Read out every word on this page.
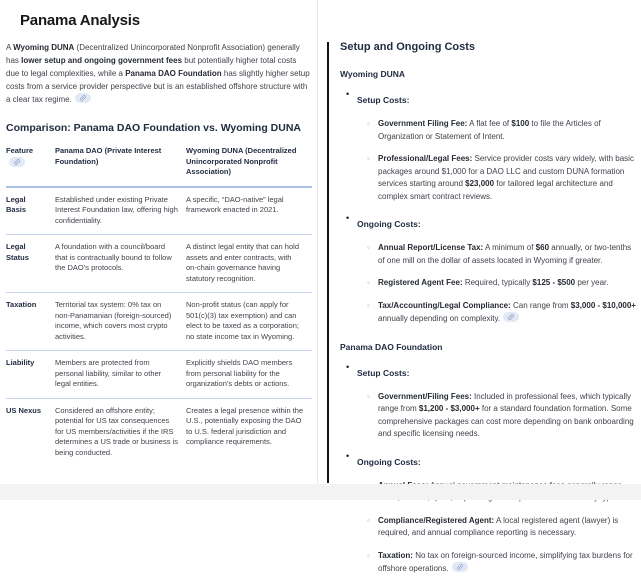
Panama Analysis

A Wyoming DUNA (Decentralized Unincorporated Nonprofit Association) generally has lower setup and ongoing government fees but potentially higher total costs due to legal complexities, while a Panama DAO Foundation has slightly higher setup costs from a service provider perspective but is an established offshore structure with a clear tax regime.

Comparison: Panama DAO Foundation vs. Wyoming DUNA
Feature	Panama DAO (Private Interest Foundation)	Wyoming DUNA (Decentralized Unincorporated Nonprofit Association)
Legal Basis	Established under existing Private Interest Foundation law, offering high confidentiality.	A specific, “DAO-native” legal framework enacted in 2021.
Legal Status	A foundation with a council/board that is contractually bound to follow the DAO’s protocols.	A distinct legal entity that can hold assets and enter contracts, with on-chain governance having statutory recognition.
Taxation	Territorial tax system: 0% tax on non-Panamanian (foreign-sourced) income, which covers most crypto activities.	Non-profit status (can apply for 501(c)(3) tax exemption) and can elect to be taxed as a corporation; no state income tax in Wyoming.
Liability	Members are protected from personal liability, similar to other legal entities.	Explicitly shields DAO members from personal liability for the organization’s debts or actions.
US Nexus	Considered an offshore entity; potential for US tax consequences for US members/activities if the IRS determines a US trade or business is being conducted.	Creates a legal presence within the U.S., potentially exposing the DAO to U.S. federal jurisdiction and compliance requirements.
Setup and Ongoing Costs
Wyoming DUNA
• Setup Costs:
◦ Government Filing Fee: A flat fee of $100 to file the Articles of Organization or Statement of Intent.
◦ Professional/Legal Fees: Service provider costs vary widely, with basic packages around $1,000 for a DAO LLC and custom DUNA formation services starting around $23,000 for tailored legal architecture and complex smart contract reviews.
• Ongoing Costs:
◦ Annual Report/License Tax: A minimum of $60 annually, or two-tenths of one mill on the dollar of assets located in Wyoming if greater.
◦ Registered Agent Fee: Required, typically $125 - $500 per year.
◦ Tax/Accounting/Legal Compliance: Can range from $3,000 - $10,000+ annually depending on complexity.
Panama DAO Foundation
• Setup Costs:
◦ Government/Filing Fees: Included in professional fees, which typically range from $1,200 - $3,000+ for a standard foundation formation. Some comprehensive packages can cost more depending on bank onboarding and specific licensing needs.
• Ongoing Costs:
◦
◦ Compliance/Registered Agent: A local registered agent (lawyer) is required, and annual compliance reporting is necessary.
◦ Taxation: No tax on foreign-sourced income, simplifying tax burdens for offshore operations.
